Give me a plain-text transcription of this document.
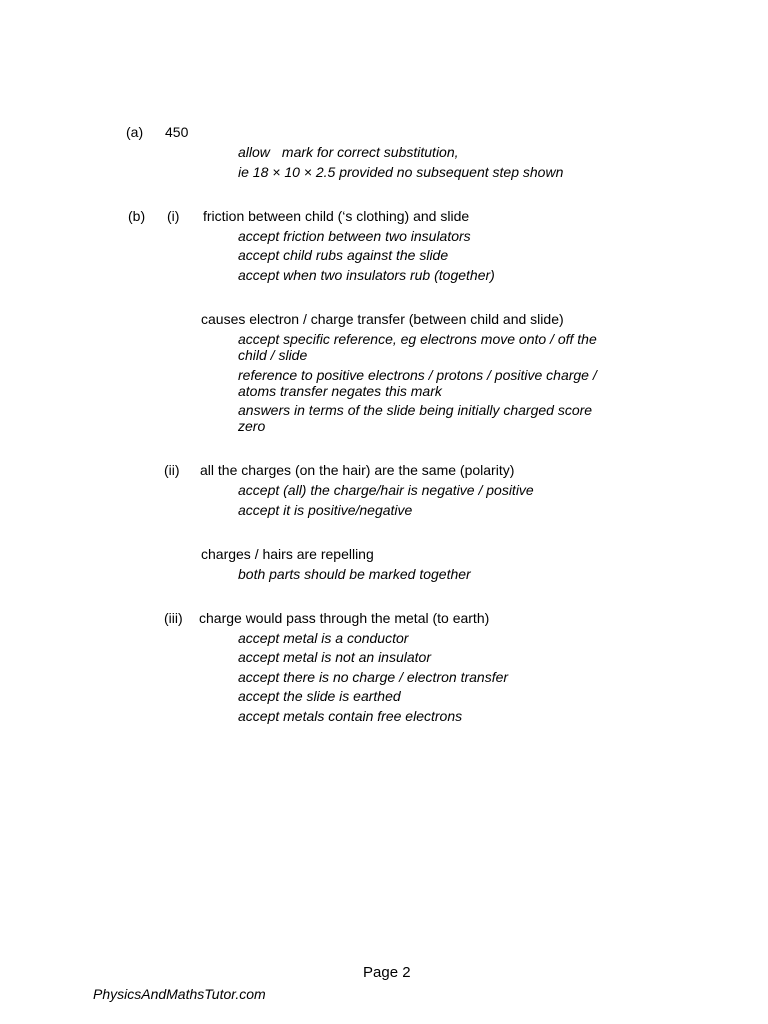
(a) 450
allow mark for correct substitution,
ie 18 × 10 × 2.5 provided no subsequent step shown
(b) (i) friction between child (‘s clothing) and slide
accept friction between two insulators
accept child rubs against the slide
accept when two insulators rub (together)
causes electron / charge transfer (between child and slide)
accept specific reference, eg electrons move onto / off the child / slide
reference to positive electrons / protons / positive charge / atoms transfer negates this mark
answers in terms of the slide being initially charged score zero
(ii) all the charges (on the hair) are the same (polarity)
accept (all) the charge/hair is negative / positive
accept it is positive/negative
charges / hairs are repelling
both parts should be marked together
(iii) charge would pass through the metal (to earth)
accept metal is a conductor
accept metal is not an insulator
accept there is no charge / electron transfer
accept the slide is earthed
accept metals contain free electrons
Page 2
PhysicsAndMathsTutor.com
